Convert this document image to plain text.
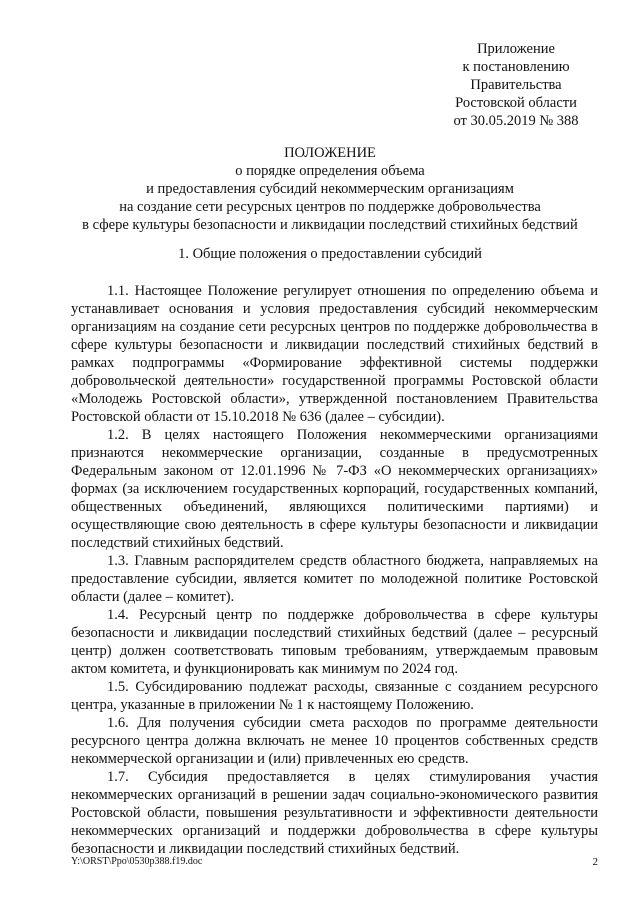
Приложение
к постановлению
Правительства
Ростовской области
от 30.05.2019 № 388
ПОЛОЖЕНИЕ
о порядке определения объема
и предоставления субсидий некоммерческим организациям
на создание сети ресурсных центров по поддержке добровольчества
в сфере культуры безопасности и ликвидации последствий стихийных бедствий
1. Общие положения о предоставлении субсидий

1.1. Настоящее Положение регулирует отношения по определению объема и устанавливает основания и условия предоставления субсидий некоммерческим организациям на создание сети ресурсных центров по поддержке добровольчества в сфере культуры безопасности и ликвидации последствий стихийных бедствий в рамках подпрограммы «Формирование эффективной системы поддержки добровольческой деятельности» государственной программы Ростовской области «Молодежь Ростовской области», утвержденной постановлением Правительства Ростовской области от 15.10.2018 № 636 (далее – субсидии).

1.2. В целях настоящего Положения некоммерческими организациями признаются некоммерческие организации, созданные в предусмотренных Федеральным законом от 12.01.1996 № 7-ФЗ «О некоммерческих организациях» формах (за исключением государственных корпораций, государственных компаний, общественных объединений, являющихся политическими партиями) и осуществляющие свою деятельность в сфере культуры безопасности и ликвидации последствий стихийных бедствий.

1.3. Главным распорядителем средств областного бюджета, направляемых на предоставление субсидии, является комитет по молодежной политике Ростовской области (далее – комитет).

1.4. Ресурсный центр по поддержке добровольчества в сфере культуры безопасности и ликвидации последствий стихийных бедствий (далее – ресурсный центр) должен соответствовать типовым требованиям, утверждаемым правовым актом комитета, и функционировать как минимум по 2024 год.

1.5. Субсидированию подлежат расходы, связанные с созданием ресурсного центра, указанные в приложении № 1 к настоящему Положению.

1.6. Для получения субсидии смета расходов по программе деятельности ресурсного центра должна включать не менее 10 процентов собственных средств некоммерческой организации и (или) привлеченных ею средств.

1.7. Субсидия предоставляется в целях стимулирования участия некоммерческих организаций в решении задач социально-экономического развития Ростовской области, повышения результативности и эффективности деятельности некоммерческих организаций и поддержки добровольчества в сфере культуры безопасности и ликвидации последствий стихийных бедствий.

Y:\ORST\Ppo\0530p388.f19.doc	2
